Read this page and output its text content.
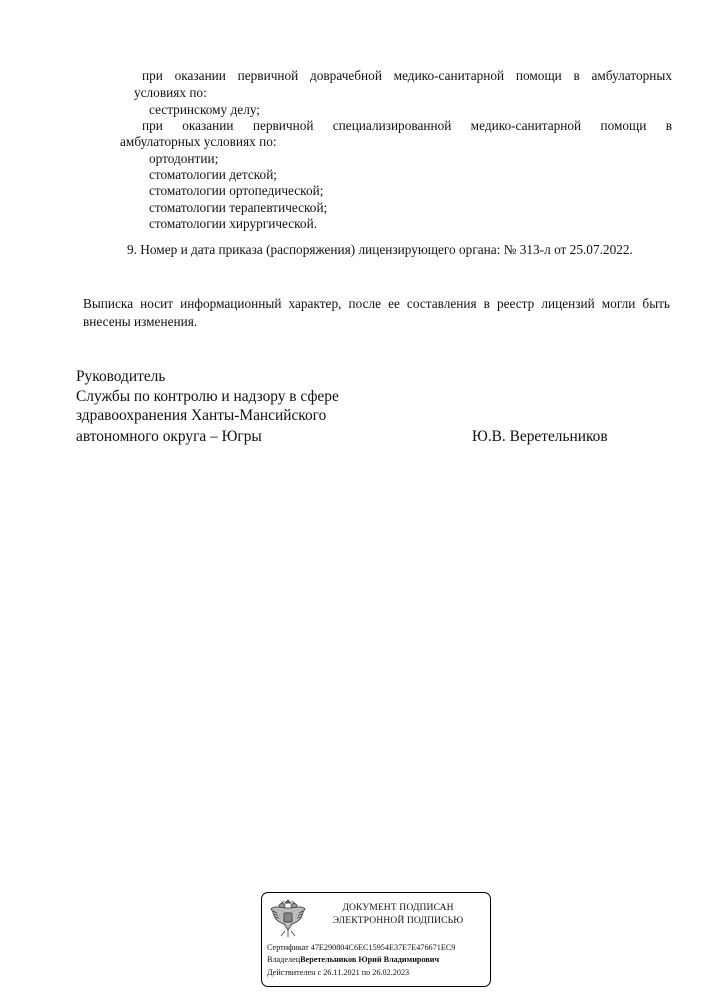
при оказании первичной доврачебной медико-санитарной помощи в амбулаторных
условиях по:
сестринскому делу;
при оказании первичной специализированной медико-санитарной помощи в
амбулаторных условиях по:
ортодонтии;
стоматологии детской;
стоматологии ортопедической;
стоматологии терапевтической;
стоматологии хирургической.
9. Номер и дата приказа (распоряжения) лицензирующего органа: № 313-л от 25.07.2022.
Выписка носит информационный характер, после ее составления в реестр лицензий могли быть
внесены изменения.
Руководитель
Службы по контролю и надзору в сфере
здравоохранения Ханты-Мансийского
автономного округа – Югры	Ю.В. Веретельников
ДОКУМЕНТ ПОДПИСАН
ЭЛЕКТРОННОЙ ПОДПИСЬЮ
Сертификат 47E290804C6EC15954E37E7E476671EC9
ВладелецВеретельников Юрий Владимирович
Действителен с 26.11.2021 по 26.02.2023
